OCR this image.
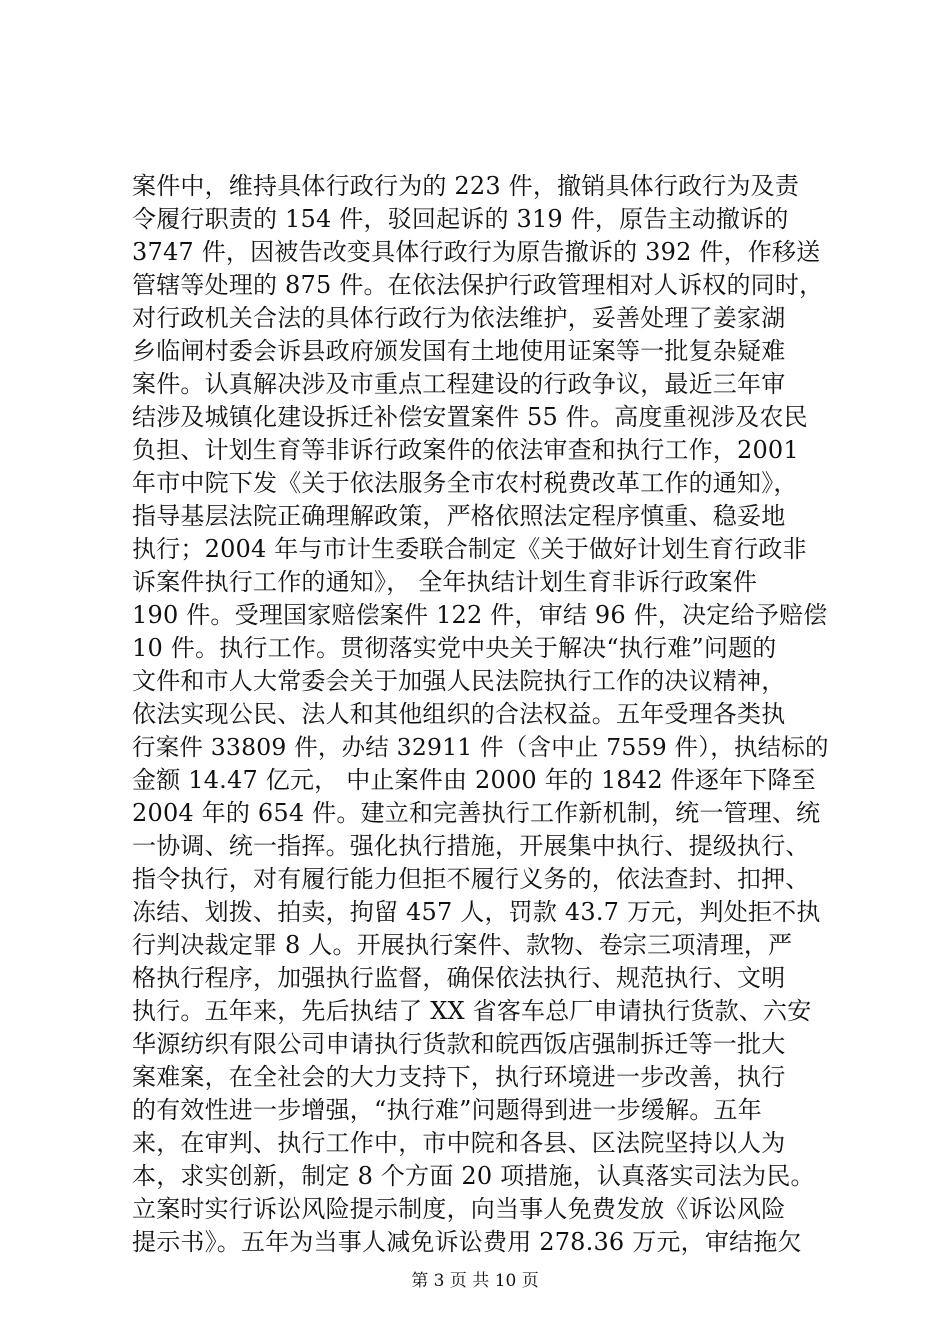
案件中，维持具体行政行为的 223 件，撤销具体行政行为及责
令履行职责的 154 件，驳回起诉的 319 件，原告主动撤诉的
3747 件，因被告改变具体行政行为原告撤诉的 392 件，作移送
管辖等处理的 875 件。在依法保护行政管理相对人诉权的同时，
对行政机关合法的具体行政行为依法维护，妥善处理了姜家湖
乡临闸村委会诉县政府颁发国有土地使用证案等一批复杂疑难
案件。认真解决涉及市重点工程建设的行政争议，最近三年审
结涉及城镇化建设拆迁补偿安置案件 55 件。高度重视涉及农民
负担、计划生育等非诉行政案件的依法审查和执行工作，2001
年市中院下发《关于依法服务全市农村税费改革工作的通知》，
指导基层法院正确理解政策，严格依照法定程序慎重、稳妥地
执行；2004 年与市计生委联合制定《关于做好计划生育行政非
诉案件执行工作的通知》， 全年执结计划生育非诉行政案件
190 件。受理国家赔偿案件 122 件，审结 96 件，决定给予赔偿
10 件。执行工作。贯彻落实党中央关于解决“执行难”问题的
文件和市人大常委会关于加强人民法院执行工作的决议精神，
依法实现公民、法人和其他组织的合法权益。五年受理各类执
行案件 33809 件，办结 32911 件（含中止 7559 件），执结标的
金额 14.47 亿元， 中止案件由 2000 年的 1842 件逐年下降至
2004 年的 654 件。建立和完善执行工作新机制，统一管理、统
一协调、统一指挥。强化执行措施，开展集中执行、提级执行、
指令执行，对有履行能力但拒不履行义务的，依法查封、扣押、
冻结、划拨、拍卖，拘留 457 人，罚款 43.7 万元，判处拒不执
行判决裁定罪 8 人。开展执行案件、款物、卷宗三项清理，严
格执行程序，加强执行监督，确保依法执行、规范执行、文明
执行。五年来，先后执结了 XX 省客车总厂申请执行货款、六安
华源纺织有限公司申请执行货款和皖西饭店强制拆迁等一批大
案难案，在全社会的大力支持下，执行环境进一步改善，执行
的有效性进一步增强，“执行难”问题得到进一步缓解。五年
来，在审判、执行工作中，市中院和各县、区法院坚持以人为
本，求实创新，制定 8 个方面 20 项措施，认真落实司法为民。
立案时实行诉讼风险提示制度，向当事人免费发放《诉讼风险
提示书》。五年为当事人减免诉讼费用 278.36 万元，审结拖欠
第 3 页 共 10 页
